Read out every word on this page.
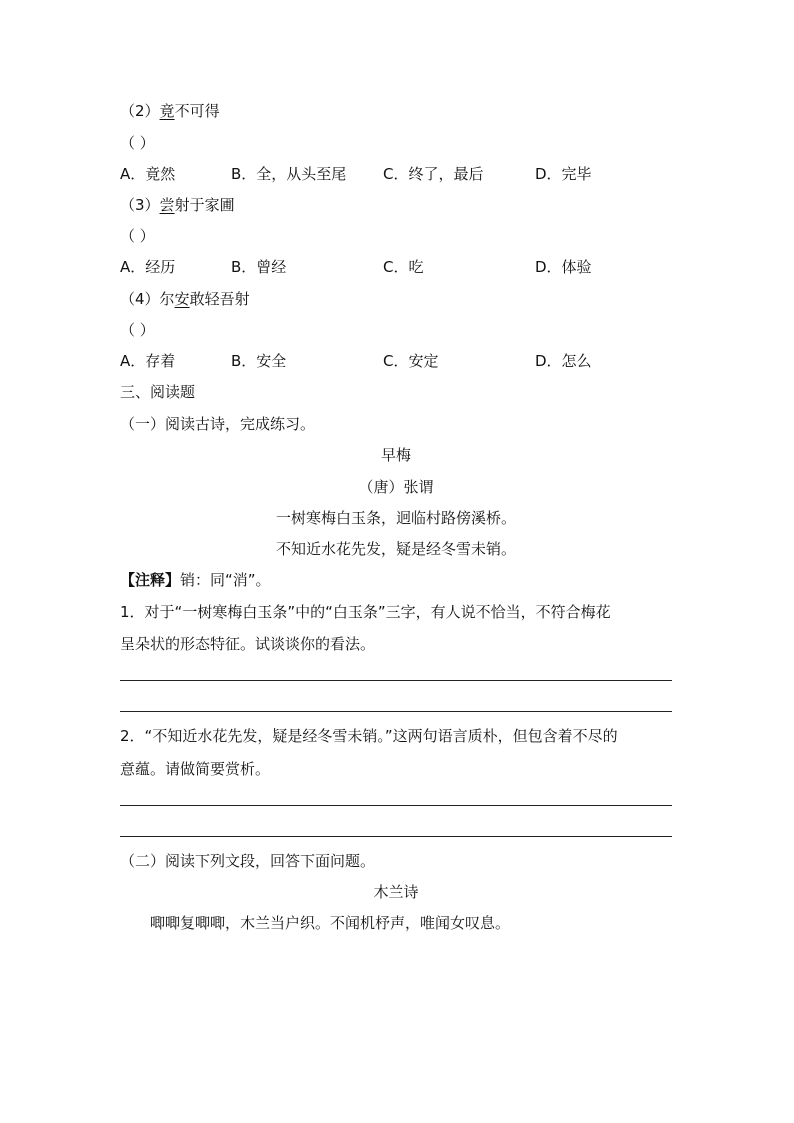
（2）竟不可得
（ ）
A．竟然	B．全，从头至尾 C．终了，最后	D．完毕
（3）尝射于家圃
（ ）
A．经历	B．曾经	C．吃	D．体验
（4）尔安敢轻吾射
（ ）
A．存着	B．安全	C．安定	D．怎么
三、阅读题
（一）阅读古诗，完成练习。
早梅
（唐）张谓
一树寒梅白玉条，迥临村路傍溪桥。
不知近水花先发，疑是经冬雪未销。
【注释】销：同“消”。
1．对于“一树寒梅白玉条”中的“白玉条”三字，有人说不恰当，不符合梅花
呈朵状的形态特征。试谈谈你的看法。
2．“不知近水花先发，疑是经冬雪未销。”这两句语言质朴，但包含着不尽的
意蕴。请做简要赏析。
（二）阅读下列文段，回答下面问题。
木兰诗
唧唧复唧唧，木兰当户织。不闻机杼声，唯闻女叹息。
